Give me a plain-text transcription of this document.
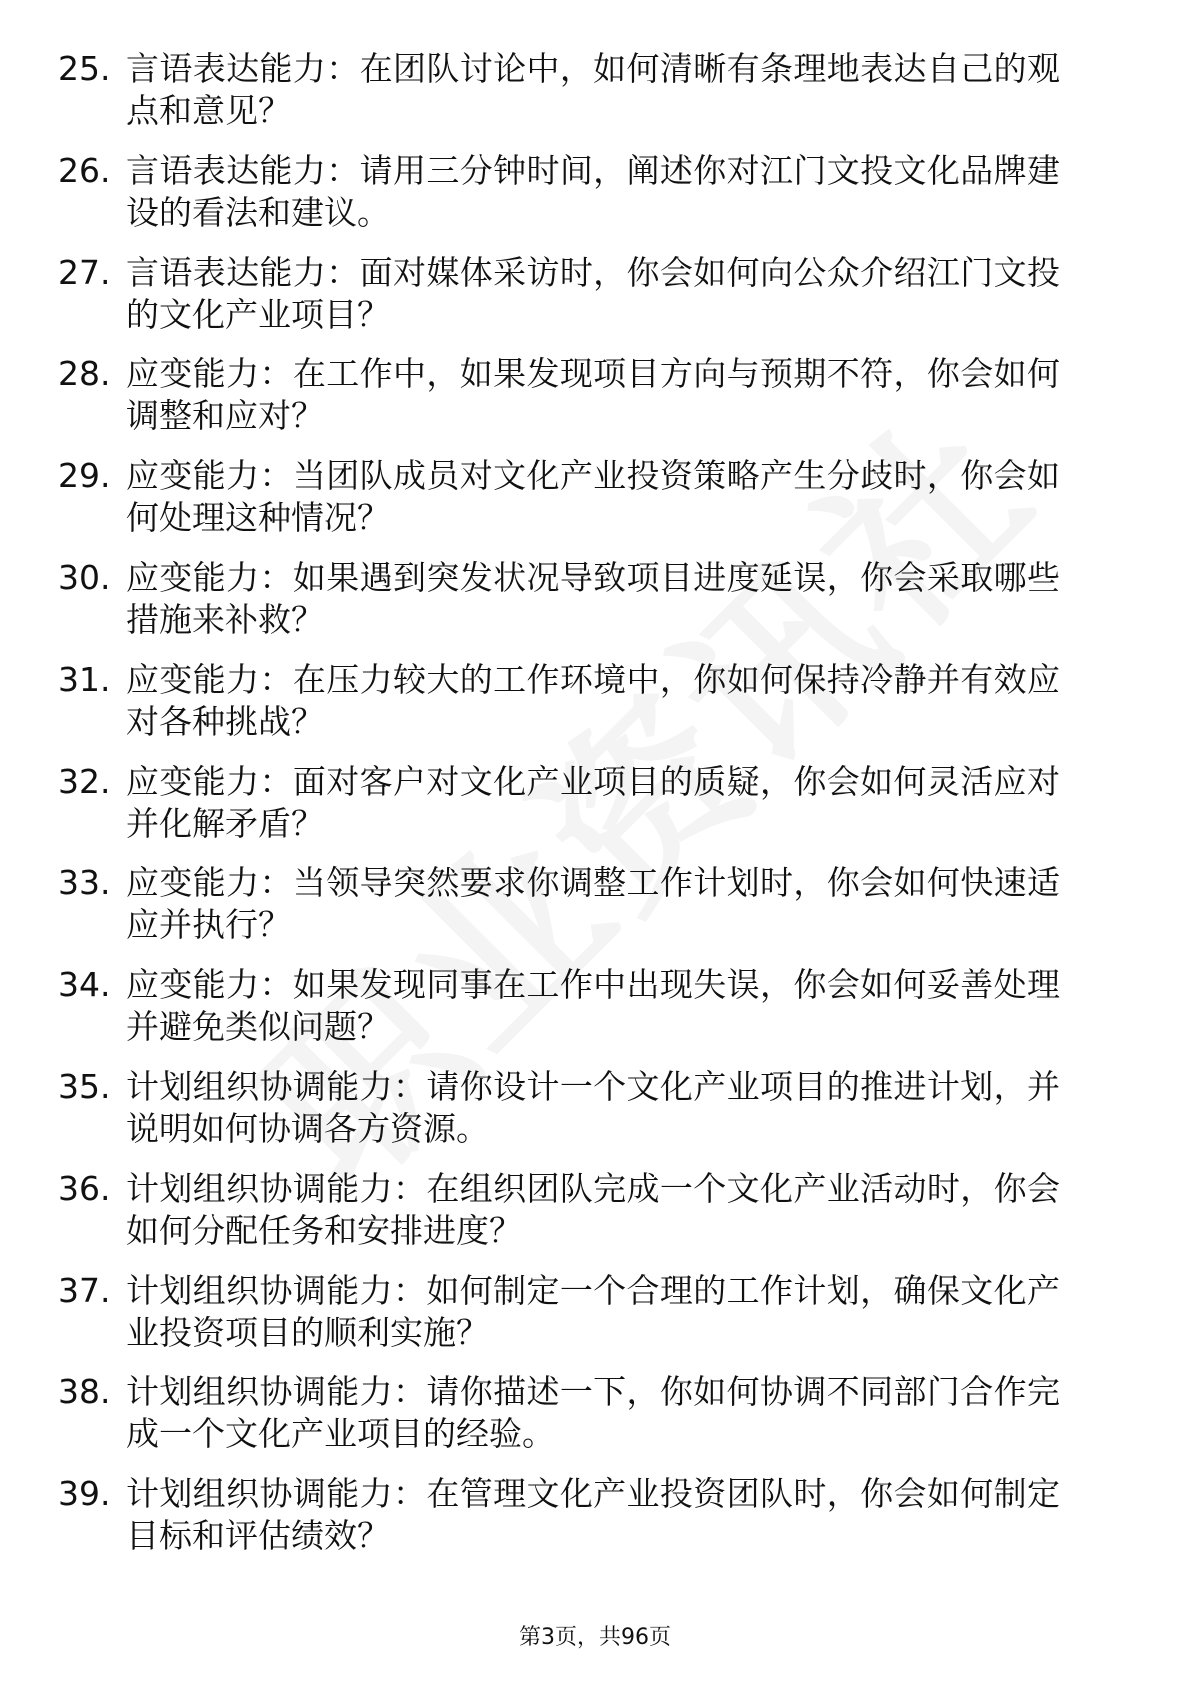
25. 言语表达能力：在团队讨论中，如何清晰有条理地表达自己的观点和意见？
26. 言语表达能力：请用三分钟时间，阐述你对江门文投文化品牌建设的看法和建议。
27. 言语表达能力：面对媒体采访时，你会如何向公众介绍江门文投的文化产业项目？
28. 应变能力：在工作中，如果发现项目方向与预期不符，你会如何调整和应对？
29. 应变能力：当团队成员对文化产业投资策略产生分歧时，你会如何处理这种情况？
30. 应变能力：如果遇到突发状况导致项目进度延误，你会采取哪些措施来补救？
31. 应变能力：在压力较大的工作环境中，你如何保持冷静并有效应对各种挑战？
32. 应变能力：面对客户对文化产业项目的质疑，你会如何灵活应对并化解矛盾？
33. 应变能力：当领导突然要求你调整工作计划时，你会如何快速适应并执行？
34. 应变能力：如果发现同事在工作中出现失误，你会如何妥善处理并避免类似问题？
35. 计划组织协调能力：请你设计一个文化产业项目的推进计划，并说明如何协调各方资源。
36. 计划组织协调能力：在组织团队完成一个文化产业活动时，你会如何分配任务和安排进度？
37. 计划组织协调能力：如何制定一个合理的工作计划，确保文化产业投资项目的顺利实施？
38. 计划组织协调能力：请你描述一下，你如何协调不同部门合作完成一个文化产业项目的经验。
39. 计划组织协调能力：在管理文化产业投资团队时，你会如何制定目标和评估绩效？
第3页，共96页
